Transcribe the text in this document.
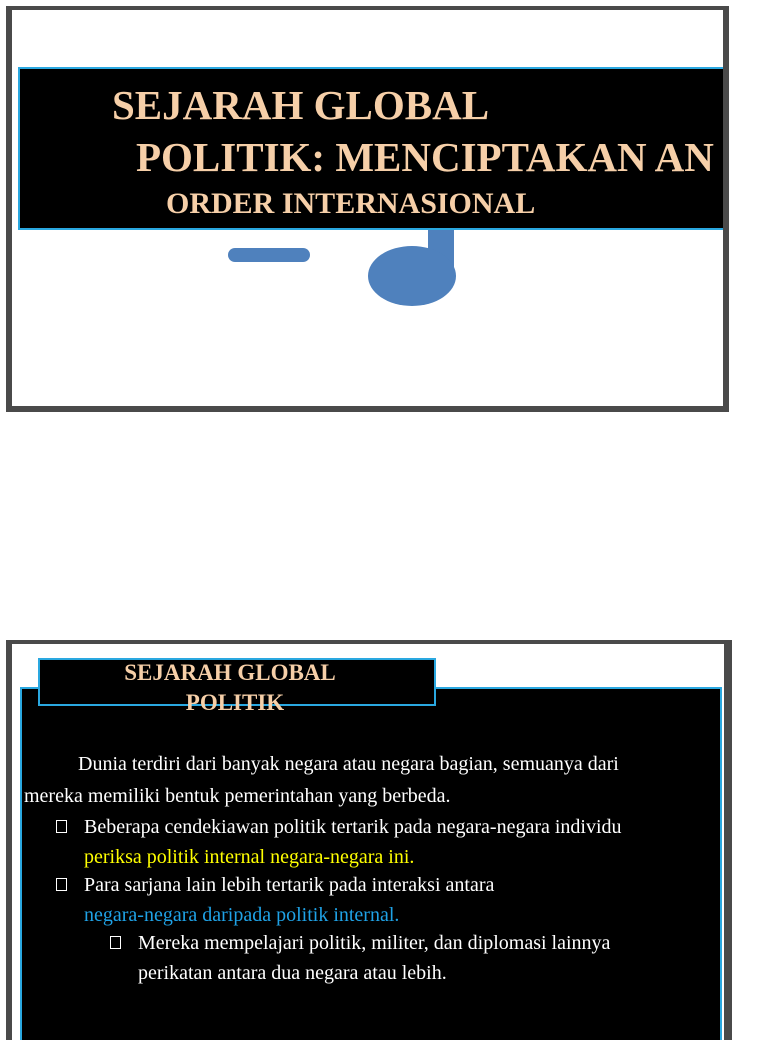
SEJARAH GLOBAL
POLITIK: MENCIPTAKAN AN
ORDER INTERNASIONAL
Dunia terdiri dari banyak negara atau negara bagian, semuanya dari
mereka memiliki bentuk pemerintahan yang berbeda.
Beberapa cendekiawan politik tertarik pada negara-negara individu
periksa politik internal negara-negara ini.
Para sarjana lain lebih tertarik pada interaksi antara
negara-negara daripada politik internal.
Mereka mempelajari politik, militer, dan diplomasi lainnya
perikatan antara dua negara atau lebih.
SEJARAH GLOBAL
POLITIK
